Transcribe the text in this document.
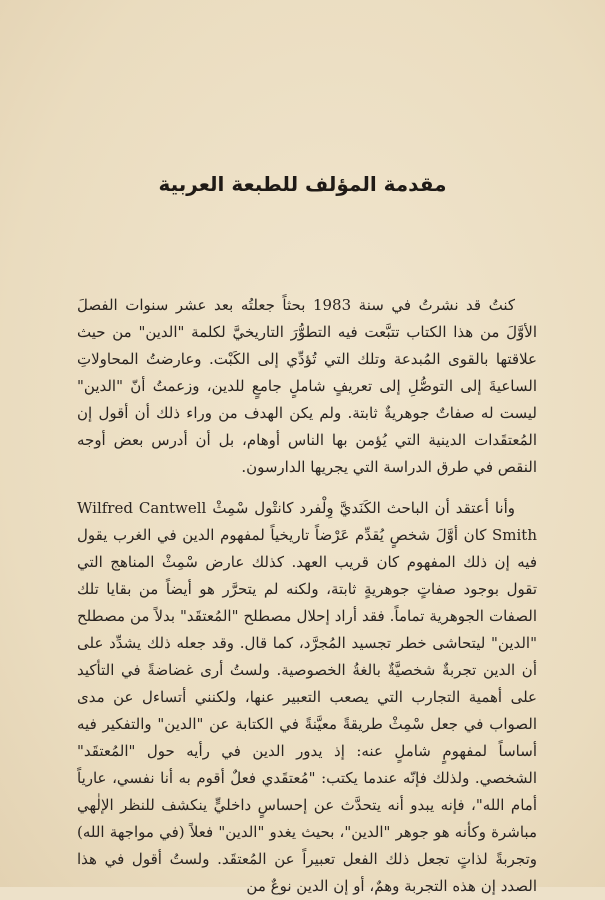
مقدمة المؤلف للطبعة العربية

كنتُ قد نشرتُ في سنة 1983 بحثاً جعلتُه بعد عشر سنوات الفصلَ الأوَّلَ من هذا الكتاب تتبَّعت فيه التطوُّرَ التاريخيَّ لكلمة "الدين" من حيث علاقتها بالقوى المُبدعة وتلك التي تُؤدِّي إلى الكَبْت. وعارضتُ المحاولاتِ الساعيةَ إلى التوصُّلِ إلى تعريفٍ شاملٍ جامعٍ للدين، وزعمتُ أنّ "الدين" ليست له صفاتٌ جوهريةٌ ثابتة. ولم يكن الهدف من وراء ذلك أن أقول إن المُعتقَدات الدينية التي يُؤمن بها الناس أوهام، بل أن أدرس بعض أوجه النقص في طرق الدراسة التي يجريها الدارسون.

وأنا أعتقد أن الباحث الكَنَديَّ وِلْفرد كانتْول سْمِثْ Wilfred Cantwell Smith كان أوَّلَ شخصٍ يُقدِّم عَرْضاً تاريخياً لمفهوم الدين في الغرب يقول فيه إن ذلك المفهوم كان قريب العهد. كذلك عارض سْمِثْ المناهج التي تقول بوجود صفاتٍ جوهريةٍ ثابتة، ولكنه لم يتحرَّر هو أيضاً من بقايا تلك الصفات الجوهرية تماماً. فقد أراد إحلال مصطلح "المُعتقَد" بدلاً من مصطلح "الدين" ليتحاشى خطر تجسيد المُجرَّد، كما قال. وقد جعله ذلك يشدِّد على أن الدين تجربةٌ شخصيَّةٌ بالغةُ الخصوصية. ولستُ أرى غضاضةً في التأكيد على أهمية التجارب التي يصعب التعبير عنها، ولكنني أتساءل عن مدى الصواب في جعل سْمِثْ طريقةً معيَّنةً في الكتابة عن "الدين" والتفكير فيه أساساً لمفهومٍ شاملٍ عنه: إذ يدور الدين في رأيه حول "المُعتقَد" الشخصي. ولذلك فإنّه عندما يكتب: "مُعتقَدي فعلٌ أقوم به أنا نفسي، عارياً أمام الله"، فإنه يبدو أنه يتحدَّث عن إحساسٍ داخليٍّ ينكشف للنظر الإلٰهي مباشرة وكأنه هو جوهر "الدين"، بحيث يغدو "الدين" فعلاً (في مواجهة الله) وتجربةً لذاتٍ تجعل ذلك الفعل تعبيراً عن المُعتقَد. ولستُ أقول في هذا الصدد إن هذه التجربة وهمٌ، أو إن الدين نوعٌ من
